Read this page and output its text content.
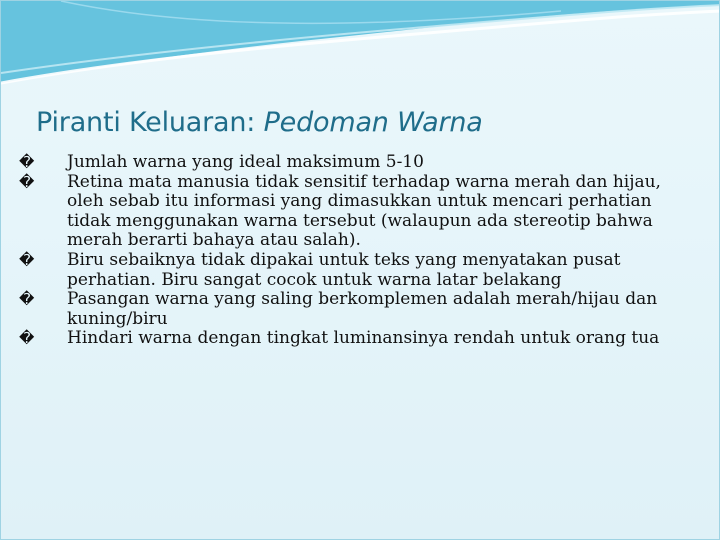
Piranti Keluaran: Pedoman Warna
� Jumlah warna yang ideal maksimum 5-10
� Retina mata manusia tidak sensitif terhadap warna merah dan hijau, oleh sebab itu informasi yang dimasukkan untuk mencari perhatian tidak menggunakan warna tersebut (walaupun ada stereotip bahwa merah berarti bahaya atau salah).
� Biru sebaiknya tidak dipakai untuk teks yang menyatakan pusat perhatian. Biru sangat cocok untuk warna latar belakang
� Pasangan warna yang saling berkomplemen adalah merah/hijau dan kuning/biru
� Hindari warna dengan tingkat luminansinya rendah untuk orang tua
